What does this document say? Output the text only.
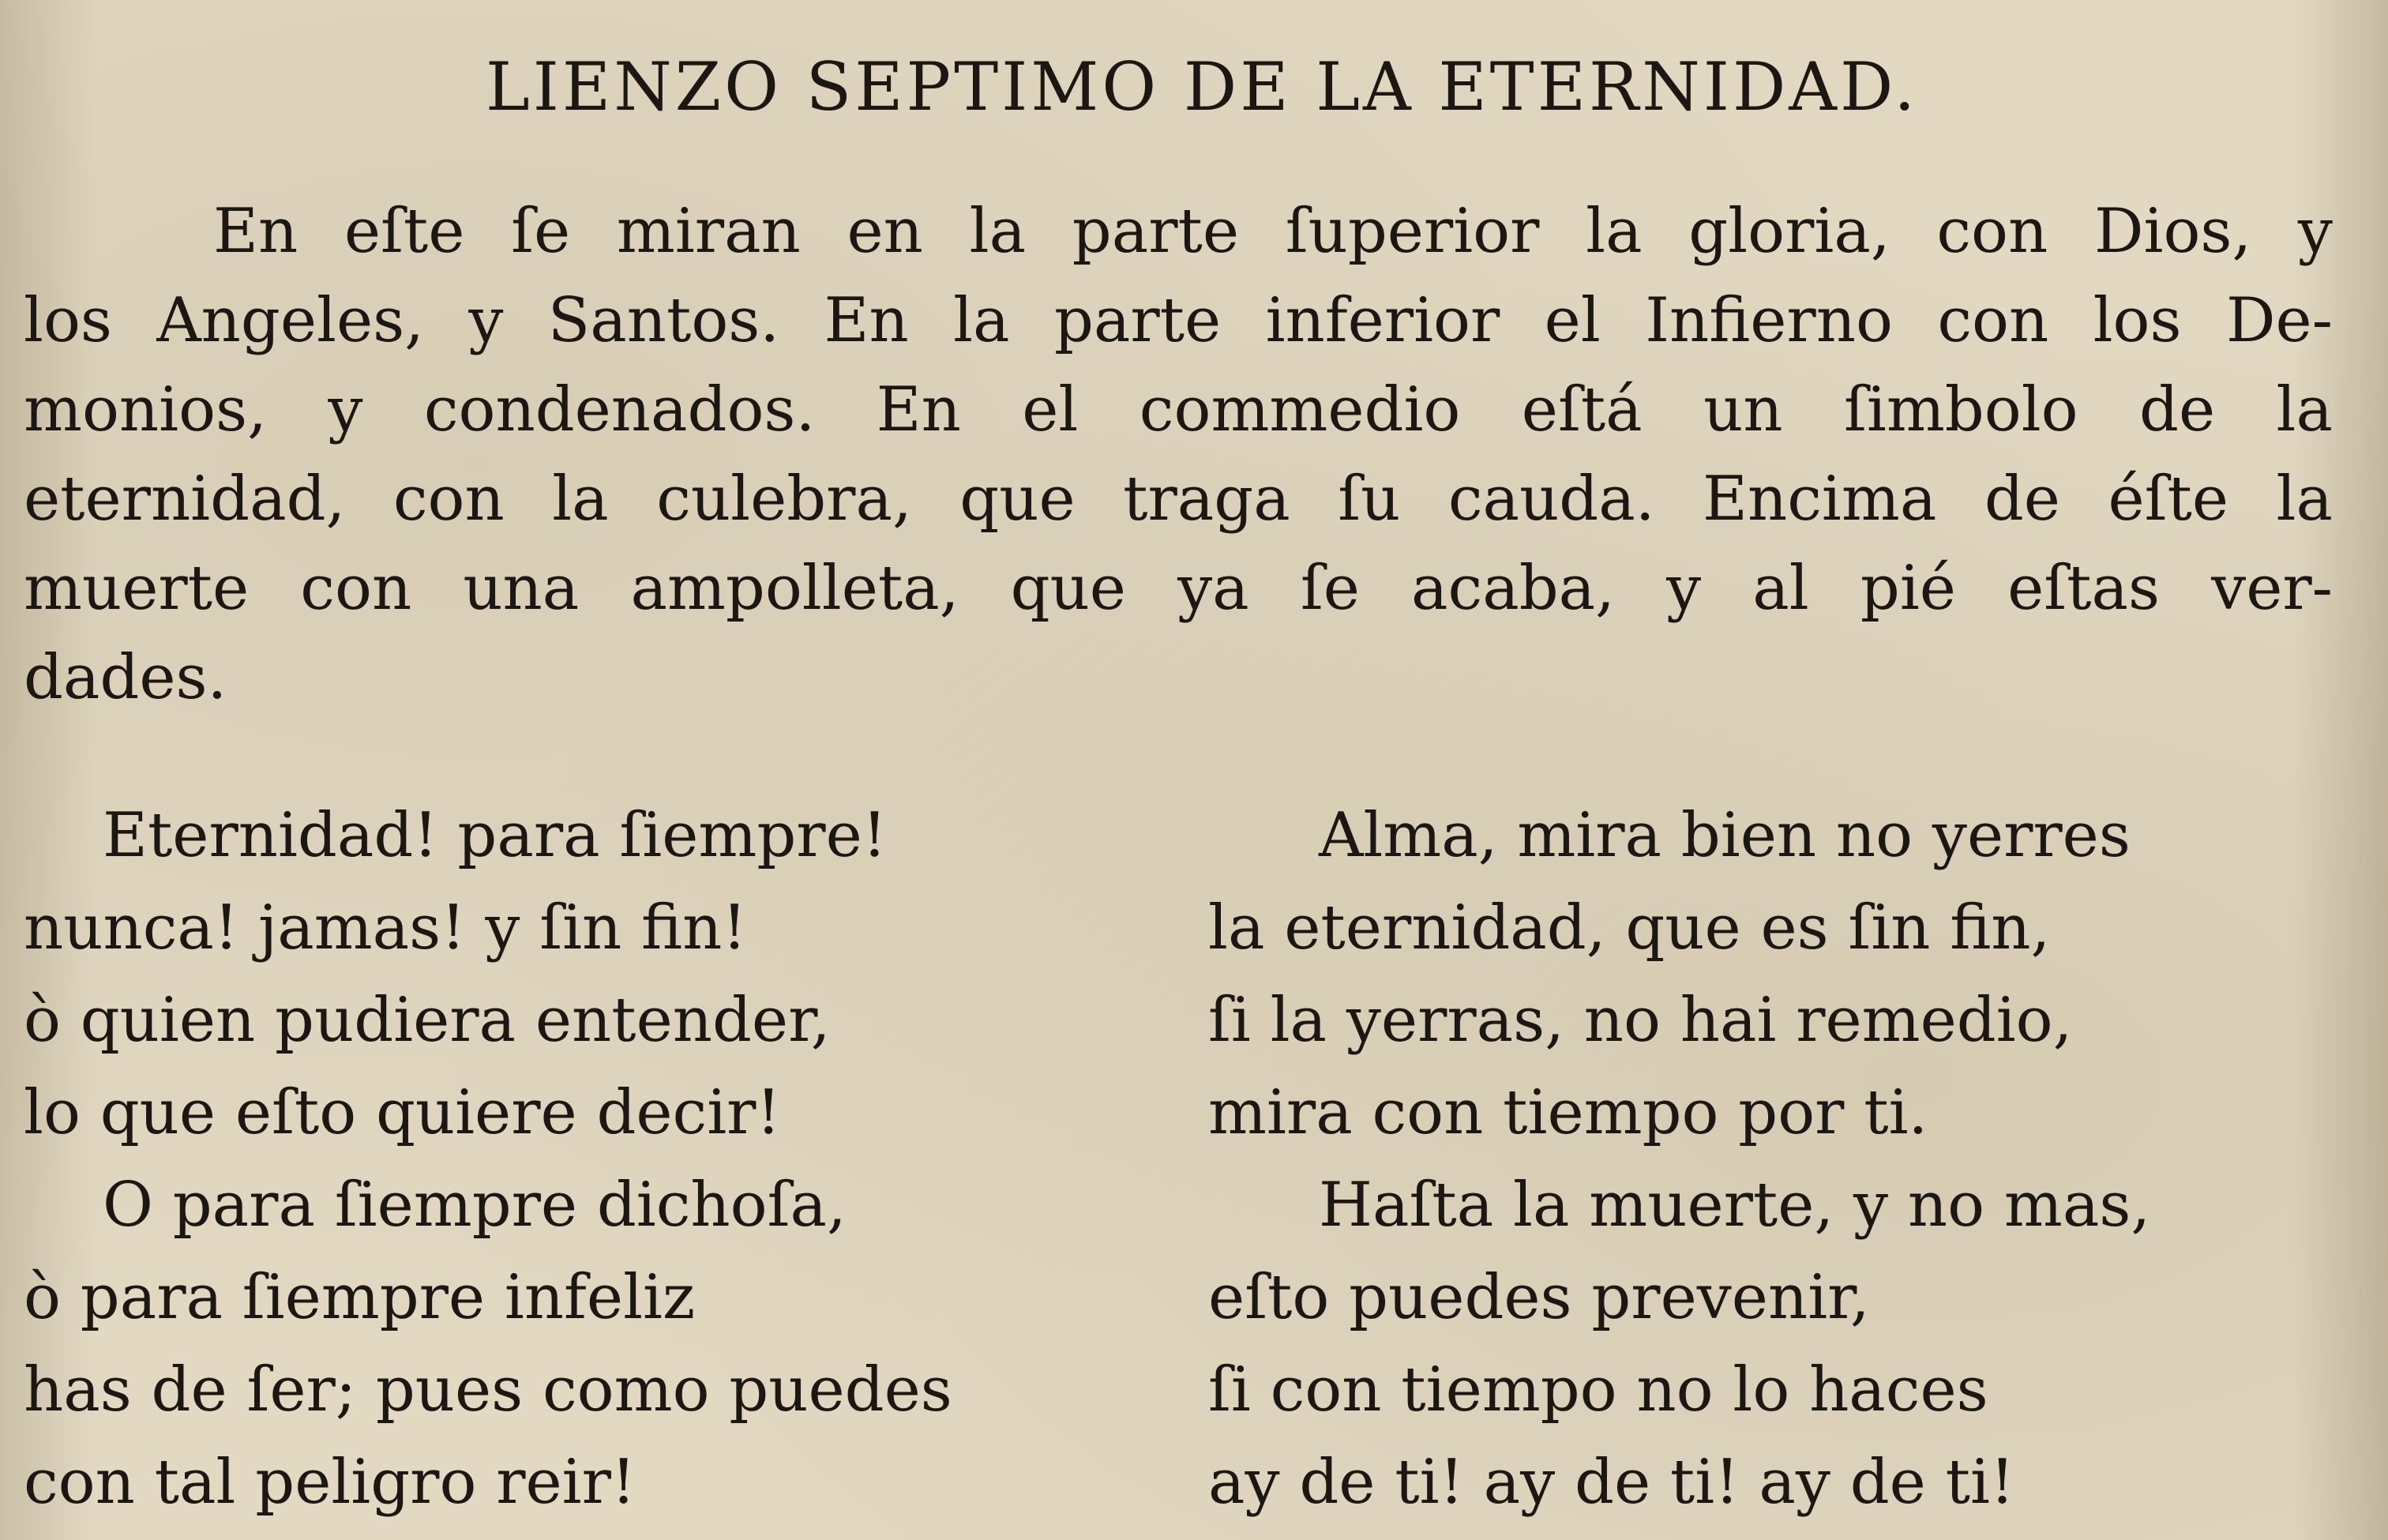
LIENZO SEPTIMO DE LA ETERNIDAD.
En eſte ſe miran en la parte ſuperior la gloria, con Dios, y
los Angeles, y Santos. En la parte inferior el Infierno con los De-
monios, y condenados. En el commedio eſtá un ſimbolo de la
eternidad, con la culebra, que traga ſu cauda. Encima de éſte la
muerte con una ampolleta, que ya ſe acaba, y al pié eſtas ver-
dades.
Eternidad! para ſiempre!
nunca! jamas! y ſin fin!
ò quien pudiera entender,
lo que eſto quiere decir!
O para ſiempre dichoſa,
ò para ſiempre infeliz
has de ſer; pues como puedes
con tal peligro reir!
Alma, mira bien no yerres
la eternidad, que es ſin fin,
ſi la yerras, no hai remedio,
mira con tiempo por ti.
Haſta la muerte, y no mas,
eſto puedes prevenir,
ſi con tiempo no lo haces
ay de ti! ay de ti! ay de ti!
